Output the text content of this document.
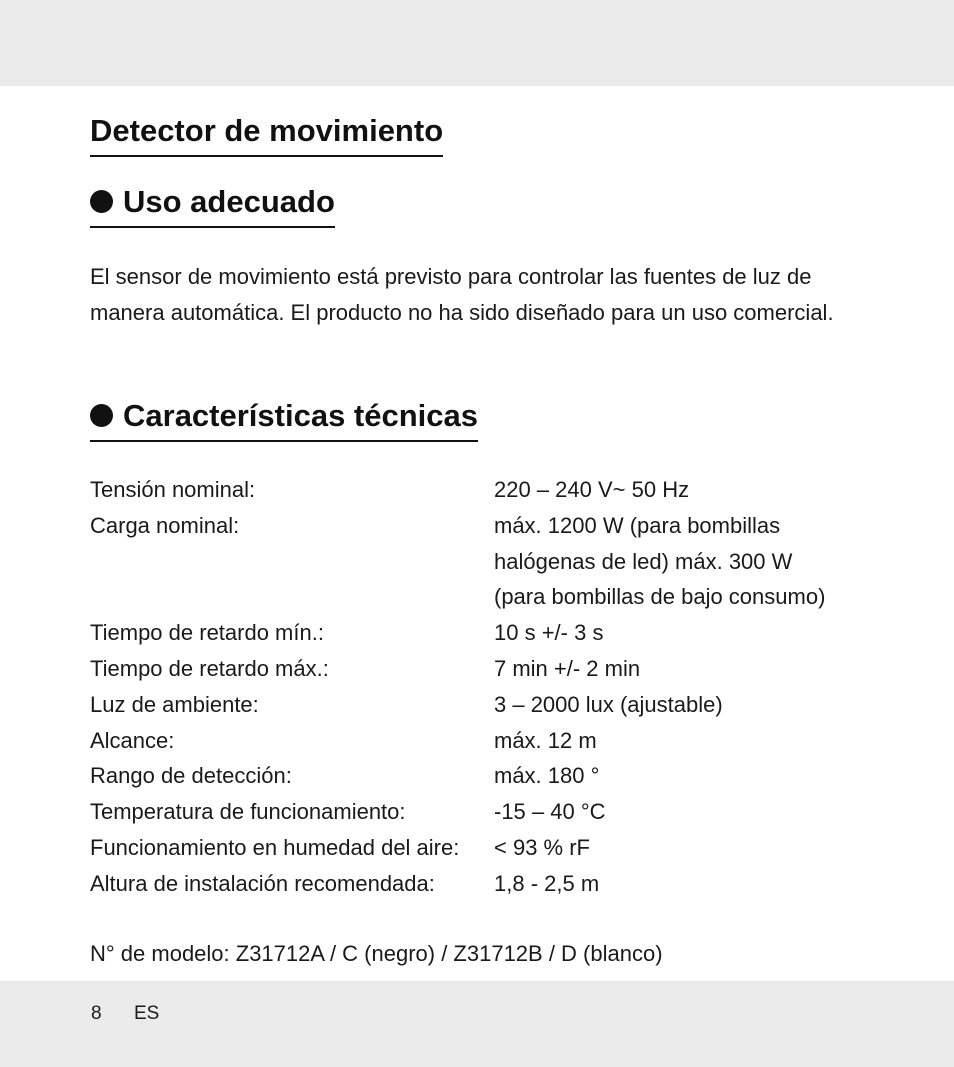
Detector de movimiento
Uso adecuado

El sensor de movimiento está previsto para controlar las fuentes de luz de manera automática. El producto no ha sido diseñado para un uso comercial.

Características técnicas
Tensión nominal:	220 – 240 V~ 50 Hz
Carga nominal:	máx. 1200 W (para bombillas
halógenas de led) máx. 300 W
(para bombillas de bajo consumo)
Tiempo de retardo mín.:	10 s +/- 3 s
Tiempo de retardo máx.:	7 min +/- 2 min
Luz de ambiente:	3 – 2000 lux (ajustable)
Alcance:	máx. 12 m
Rango de detección:	máx. 180 °
Temperatura de funcionamiento:	-15 – 40 °C
Funcionamiento en humedad del aire:	< 93 % rF
Altura de instalación recomendada:	1,8 - 2,5 m
N° de modelo: Z31712A / C (negro) / Z31712B / D (blanco)
8 ES
